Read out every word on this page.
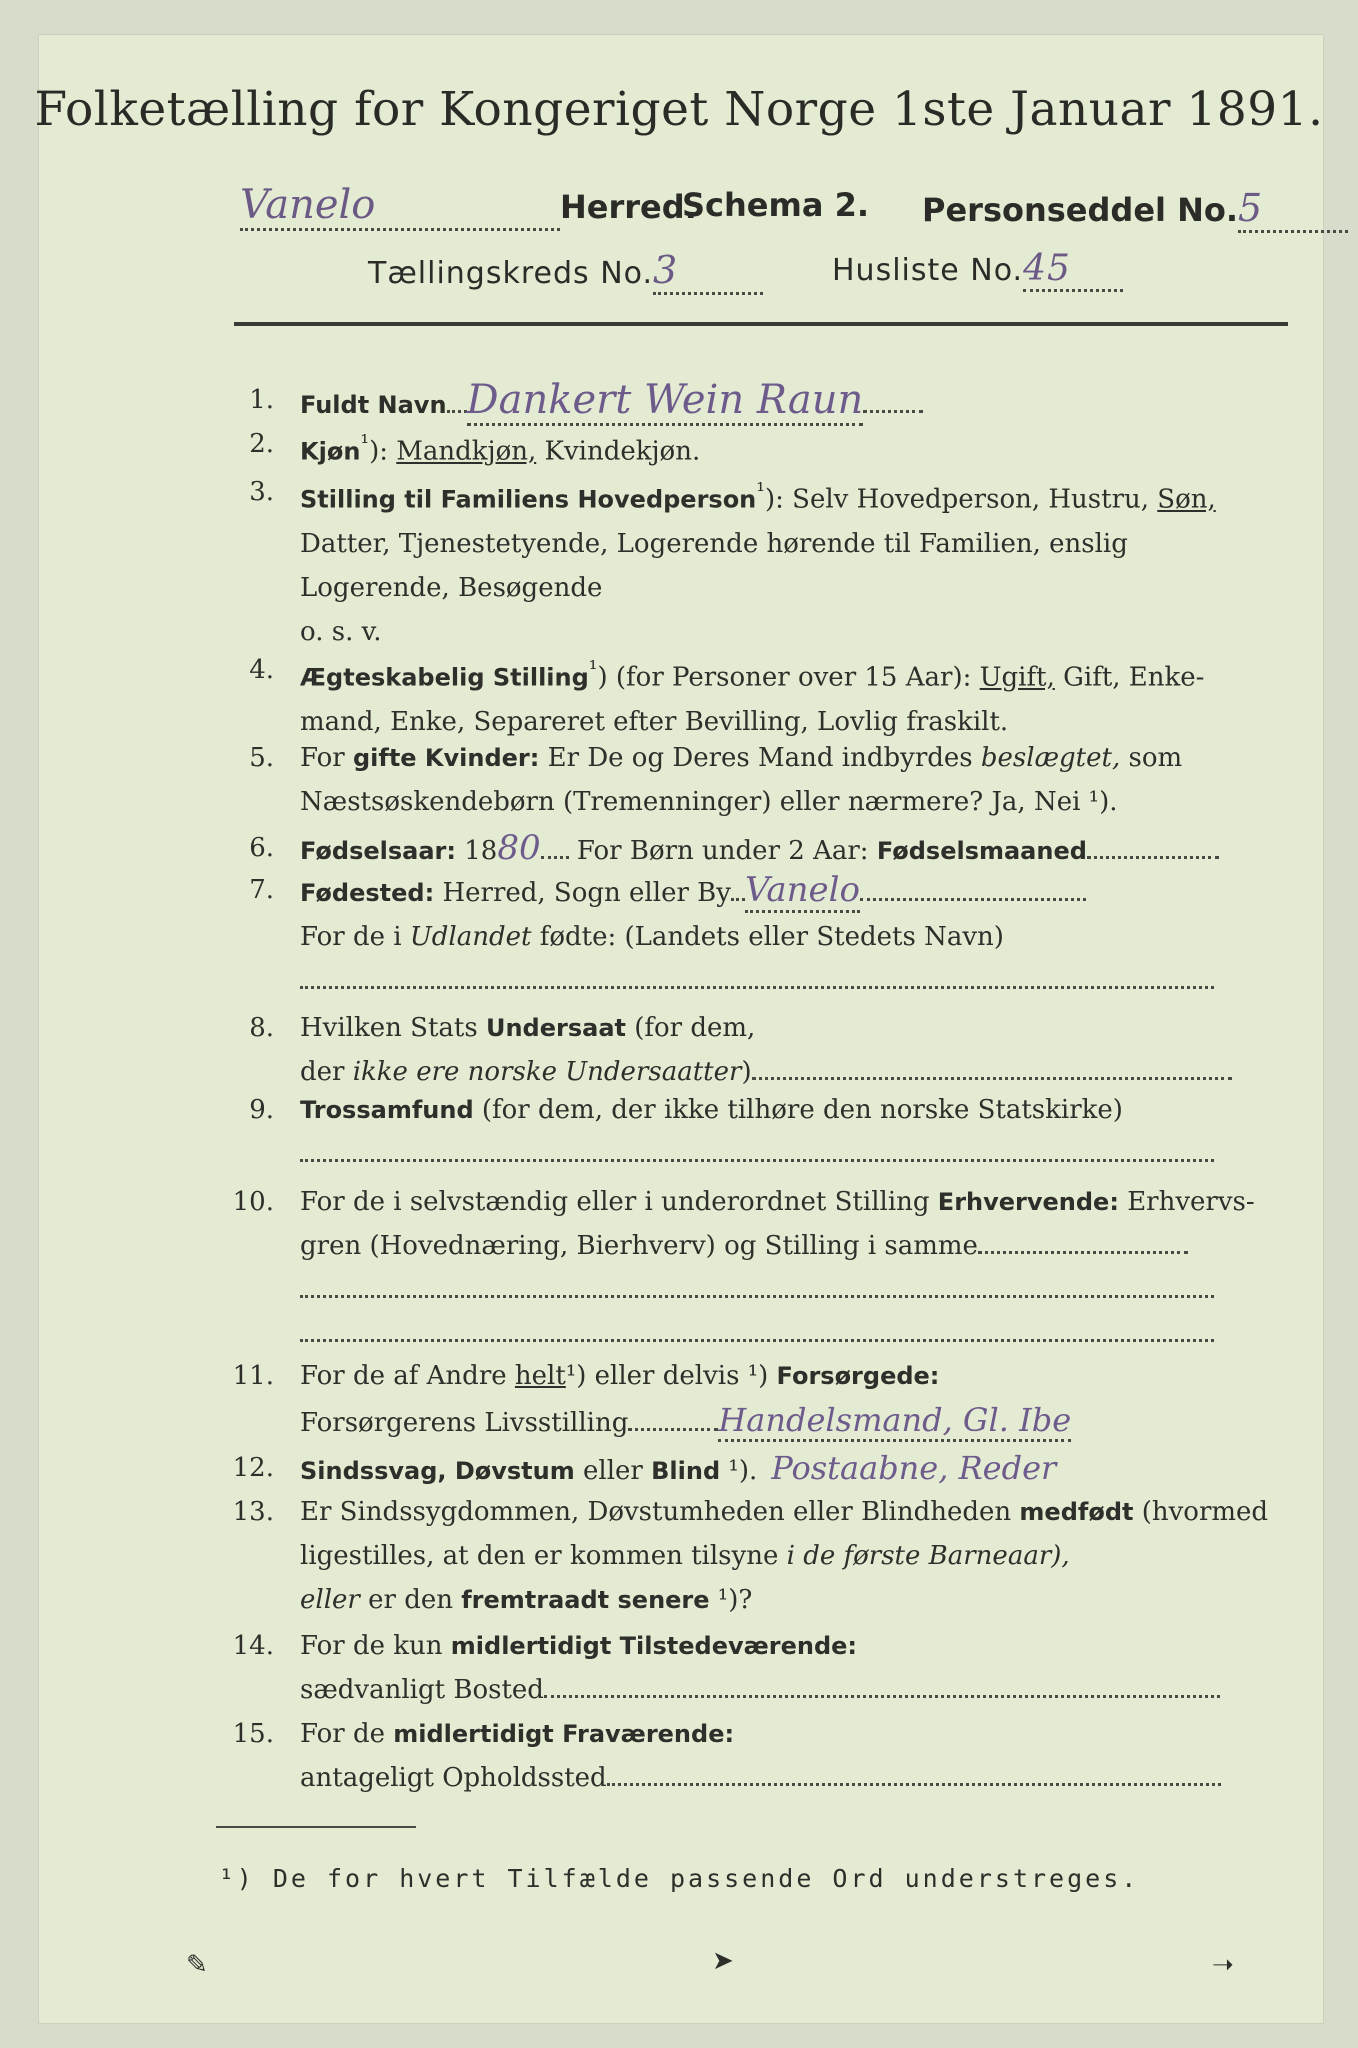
Folketælling for Kongeriget Norge 1ste Januar 1891.
Vanelo	Herred.
Schema 2. Personseddel No.5
Tællingskreds No.3	Husliste No.45
1. Fuldt Navn Dankert Wein Raun
2. Kjøn$^{^1}$): Mandkjøn, Kvindekjøn.
3. Stilling til Familiens Hovedperson$^{^1}$): Selv Hovedperson, Hustru, Søn,
Datter, Tjenestetyende, Logerende hørende til Familien, enslig
Logerende, Besøgende
o. s. v.
4. Ægteskabelig Stilling$^{^1}$) (for Personer over 15 Aar): Ugift, Gift, Enke-
mand, Enke, Separeret efter Bevilling, Lovlig fraskilt.
5. For gifte Kvinder: Er De og Deres Mand indbyrdes beslægtet, som
Næstsøskendebørn (Tremenninger) eller nærmere? Ja, Nei ¹).
6. Fødselsaar: 1880 For Børn under 2 Aar: Fødselsmaaned
7. Fødested: Herred, Sogn eller By Vanelo
For de i Udlandet fødte: (Landets eller Stedets Navn)
8. Hvilken Stats Undersaat (for dem,
der ikke ere norske Undersaatter)
9. Trossamfund (for dem, der ikke tilhøre den norske Statskirke)
10. For de i selvstændig eller i underordnet Stilling Erhvervende: Erhvervs-
gren (Hovednæring, Bierhverv) og Stilling i samme
11. For de af Andre helt¹) eller delvis ¹) Forsørgede:
Forsørgerens Livsstilling	Handelsmand, Gl. Ibe
12. Sindssvag, Døvstum eller Blind ¹). Postaabne, Reder
13. Er Sindssygdommen, Døvstumheden eller Blindheden medfødt (hvormed
ligestilles, at den er kommen tilsyne i de første Barneaar),
eller er den fremtraadt senere ¹)?
14. For de kun midlertidigt Tilstedeværende:
sædvanligt Bosted
15. For de midlertidigt Fraværende:
antageligt Opholdssted
¹) De for hvert Tilfælde passende Ord understreges.
✎	➤	➝
